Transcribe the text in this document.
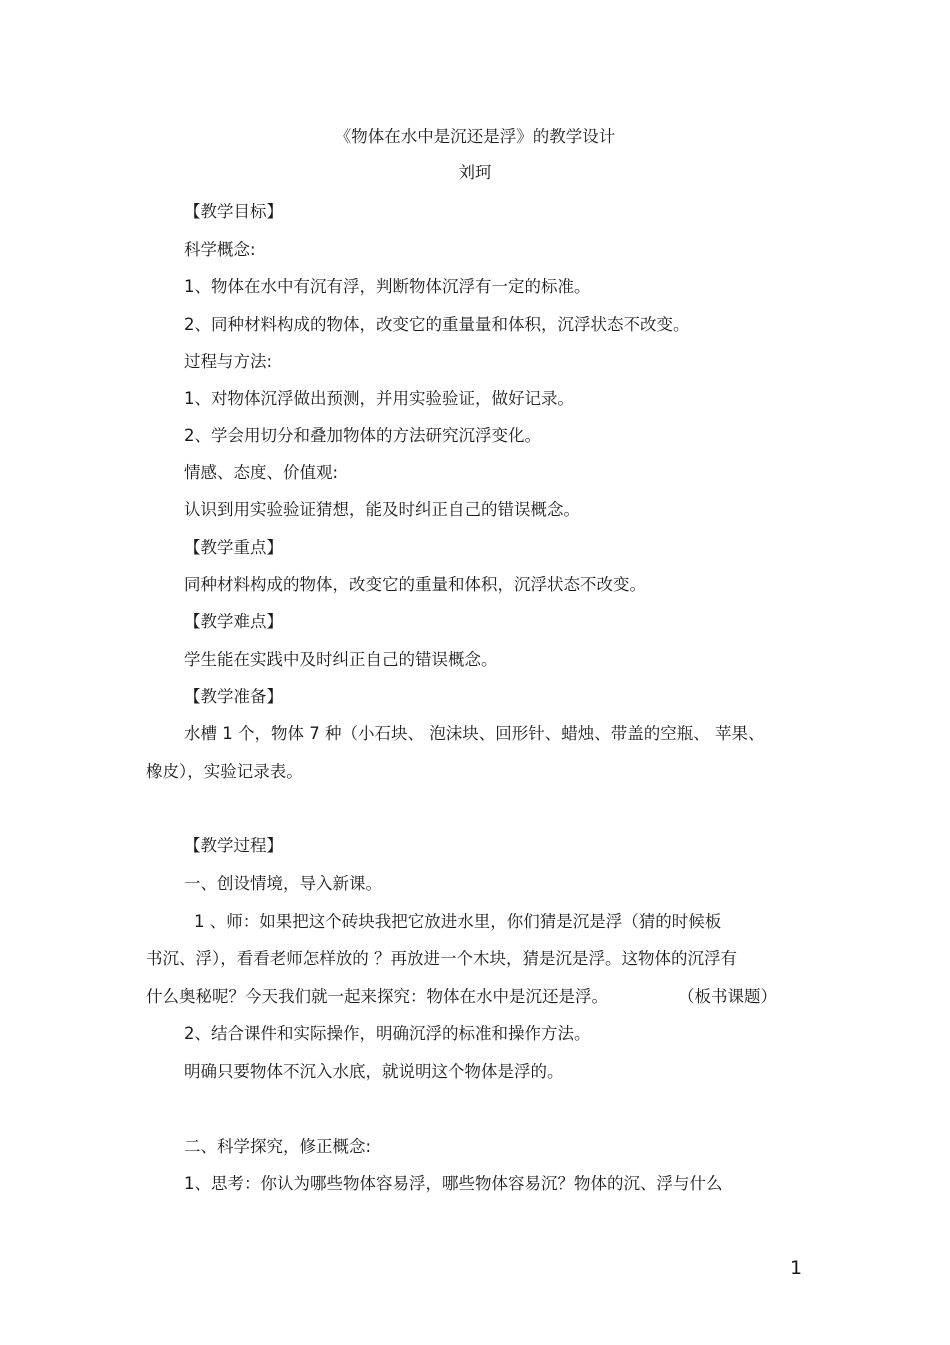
《物体在水中是沉还是浮》的教学设计
刘珂
【教学目标】
科学概念:
1、物体在水中有沉有浮，判断物体沉浮有一定的标准。
2、同种材料构成的物体，改变它的重量量和体积，沉浮状态不改变。
过程与方法:
1、对物体沉浮做出预测，并用实验验证，做好记录。
2、学会用切分和叠加物体的方法研究沉浮变化。
情感、态度、价值观:
认识到用实验验证猜想，能及时纠正自己的错误概念。
【教学重点】
同种材料构成的物体，改变它的重量和体积，沉浮状态不改变。
【教学难点】
学生能在实践中及时纠正自己的错误概念。
【教学准备】
水槽 1 个，物体 7 种（小石块、 泡沫块、回形针、蜡烛、带盖的空瓶、 苹果、
橡皮），实验记录表。
【教学过程】
一、创设情境，导入新课。
1 、师：如果把这个砖块我把它放进水里，你们猜是沉是浮（猜的时候板
书沉、浮），看看老师怎样放的 ？再放进一个木块，猜是沉是浮。这物体的沉浮有
什么奥秘呢？今天我们就一起来探究：物体在水中是沉还是浮。	（板书课题）
2、结合课件和实际操作，明确沉浮的标准和操作方法。
明确只要物体不沉入水底，就说明这个物体是浮的。
二、科学探究，修正概念:
1、思考：你认为哪些物体容易浮，哪些物体容易沉？物体的沉、浮与什么
1
